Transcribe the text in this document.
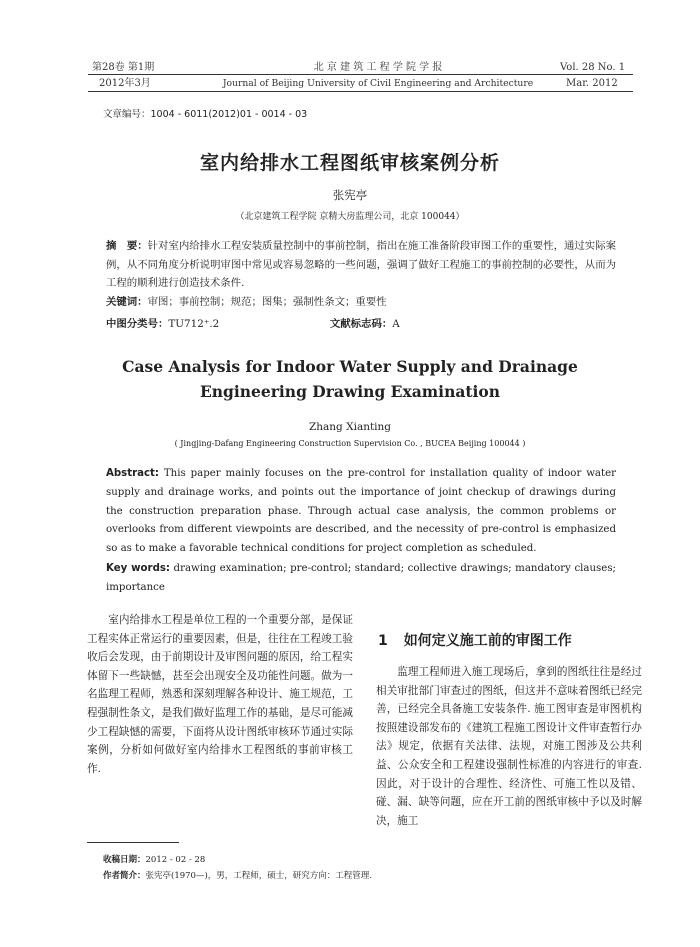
第28卷 第1期
2012年3月
北 京 建 筑 工 程 学 院 学 报
Journal of Beijing University of Civil Engineering and Architecture
Vol. 28 No. 1
Mar. 2012
文章编号：1004 - 6011(2012)01 - 0014 - 03
室内给排水工程图纸审核案例分析
张宪亭
（北京建筑工程学院 京精大房监理公司，北京 100044）
摘　要：针对室内给排水工程安装质量控制中的事前控制，指出在施工准备阶段审图工作的重要性，通过实际案例，从不同角度分析说明审图中常见或容易忽略的一些问题，强调了做好工程施工的事前控制的必要性，从而为工程的顺利进行创造技术条件.
关键词：审图；事前控制；规范；图集；强制性条文；重要性
中图分类号：TU712⁺.2	文献标志码：A
Case Analysis for Indoor Water Supply and Drainage
Engineering Drawing Examination
Zhang Xianting
( Jingjing-Dafang Engineering Construction Supervision Co. , BUCEA Beijing 100044 )
Abstract: This paper mainly focuses on the pre-control for installation quality of indoor water supply and drainage works, and points out the importance of joint checkup of drawings during the construction preparation phase. Through actual case analysis, the common problems or overlooks from different viewpoints are described, and the necessity of pre-control is emphasized so as to make a favorable technical conditions for project completion as scheduled.
Key words: drawing examination; pre-control; standard; collective drawings; mandatory clauses; importance
室内给排水工程是单位工程的一个重要分部，是保证工程实体正常运行的重要因素，但是，往往在工程竣工验收后会发现，由于前期设计及审图问题的原因，给工程实体留下一些缺憾，甚至会出现安全及功能性问题。做为一名监理工程师，熟悉和深刻理解各种设计、施工规范，工程强制性条文，是我们做好监理工作的基础，是尽可能减少工程缺憾的需要，下面将从设计图纸审核环节通过实际案例，分析如何做好室内给排水工程图纸的事前审核工作.
1 如何定义施工前的审图工作

监理工程师进入施工现场后，拿到的图纸往往是经过相关审批部门审查过的图纸，但这并不意味着图纸已经完善，已经完全具备施工安装条件. 施工图审查是审图机构按照建设部发布的《建筑工程施工图设计文件审查暂行办法》规定，依据有关法律、法规，对施工图涉及公共利益、公众安全和工程建设强制性标准的内容进行的审查. 因此，对于设计的合理性、经济性、可施工性以及错、碰、漏、缺等问题，应在开工前的图纸审核中予以及时解决，施工

收稿日期：2012 - 02 - 28
作者简介：张宪亭(1970—)，男，工程师，硕士，研究方向：工程管理.
